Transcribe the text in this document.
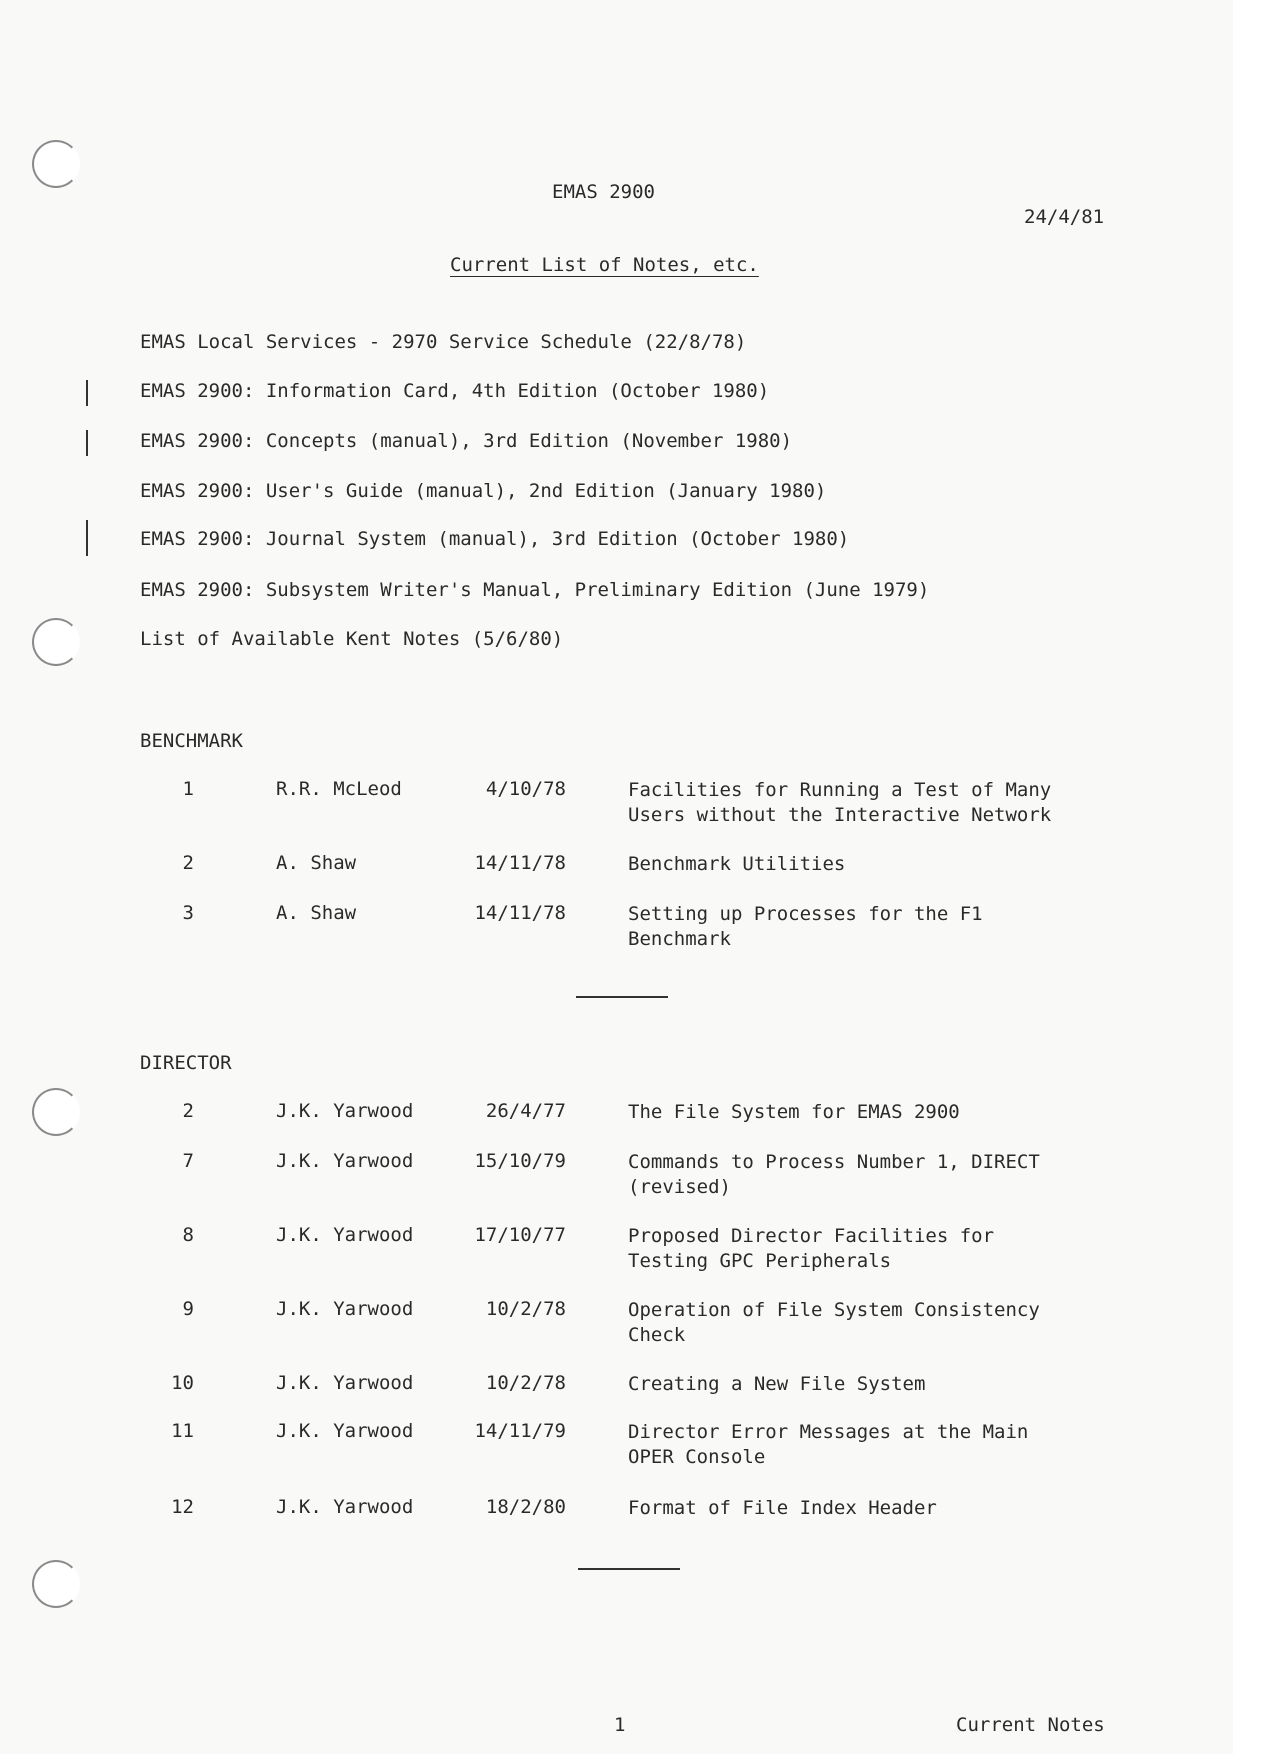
EMAS 2900
24/4/81
Current List of Notes, etc.
EMAS Local Services - 2970 Service Schedule (22/8/78)
EMAS 2900: Information Card, 4th Edition (October 1980)
EMAS 2900: Concepts (manual), 3rd Edition (November 1980)
EMAS 2900: User's Guide (manual), 2nd Edition (January 1980)
EMAS 2900: Journal System (manual), 3rd Edition (October 1980)
EMAS 2900: Subsystem Writer's Manual, Preliminary Edition (June 1979)
List of Available Kent Notes (5/6/80)
BENCHMARK
1	R.R. McLeod	4/10/78	Facilities for Running a Test of Many
Users without the Interactive Network
2	A. Shaw	14/11/78	Benchmark Utilities
3	A. Shaw	14/11/78	Setting up Processes for the F1
Benchmark
DIRECTOR
2	J.K. Yarwood	26/4/77	The File System for EMAS 2900
7	J.K. Yarwood	15/10/79	Commands to Process Number 1, DIRECT
(revised)
8	J.K. Yarwood	17/10/77	Proposed Director Facilities for
Testing GPC Peripherals
9	J.K. Yarwood	10/2/78	Operation of File System Consistency
Check
10	J.K. Yarwood	10/2/78	Creating a New File System
11	J.K. Yarwood	14/11/79	Director Error Messages at the Main
OPER Console
12	J.K. Yarwood	18/2/80	Format of File Index Header
1	Current Notes
